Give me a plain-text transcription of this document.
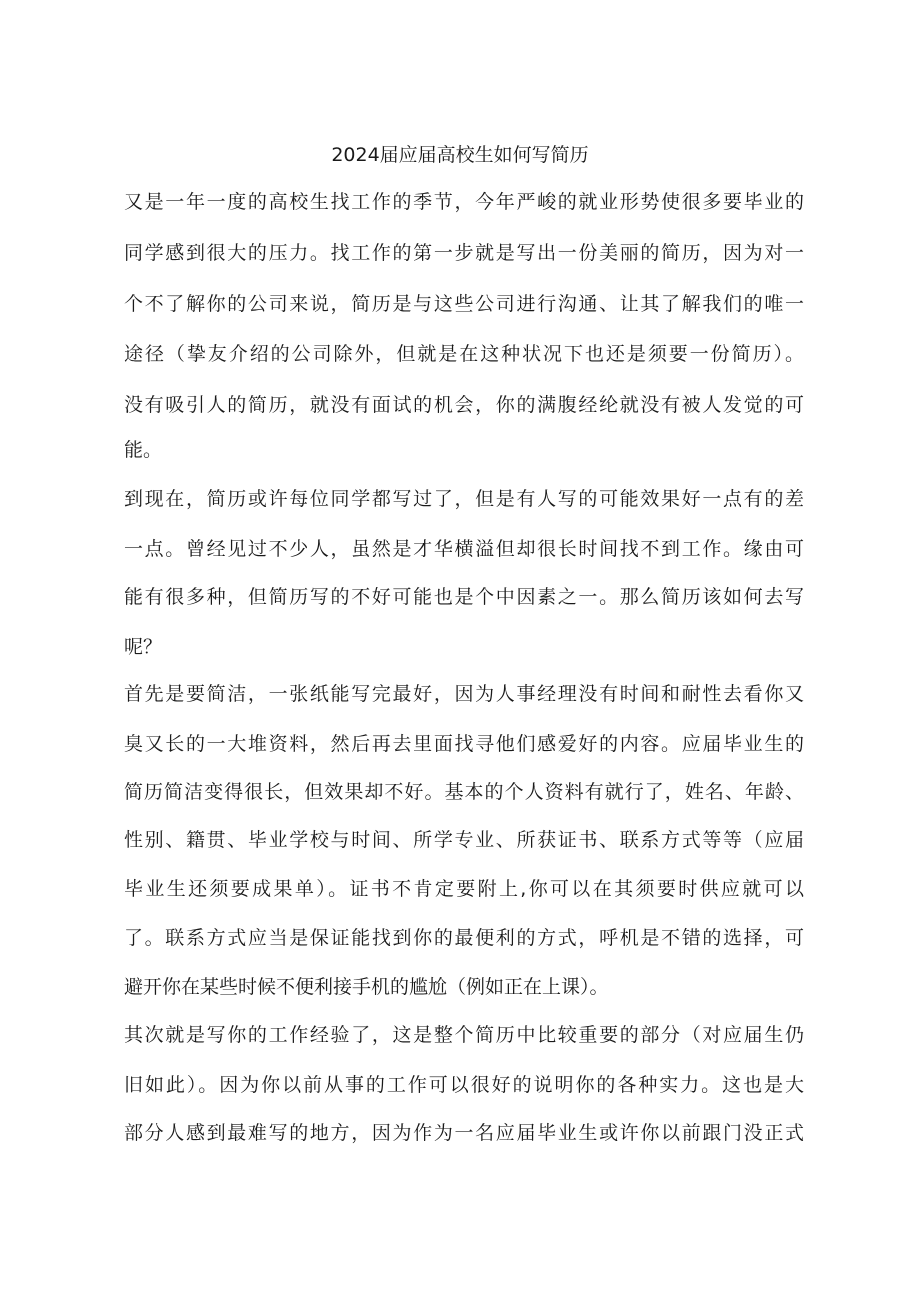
2024届应届高校生如何写简历
又是一年一度的高校生找工作的季节，今年严峻的就业形势使很多要毕业的
同学感到很大的压力。找工作的第一步就是写出一份美丽的简历，因为对一
个不了解你的公司来说，简历是与这些公司进行沟通、让其了解我们的唯一
途径（挚友介绍的公司除外，但就是在这种状况下也还是须要一份简历）。
没有吸引人的简历，就没有面试的机会，你的满腹经纶就没有被人发觉的可
能。
到现在，简历或许每位同学都写过了，但是有人写的可能效果好一点有的差
一点。曾经见过不少人，虽然是才华横溢但却很长时间找不到工作。缘由可
能有很多种，但简历写的不好可能也是个中因素之一。那么简历该如何去写
呢？
首先是要简洁，一张纸能写完最好，因为人事经理没有时间和耐性去看你又
臭又长的一大堆资料，然后再去里面找寻他们感爱好的内容。应届毕业生的
简历简洁变得很长，但效果却不好。基本的个人资料有就行了，姓名、年龄、
性别、籍贯、毕业学校与时间、所学专业、所获证书、联系方式等等（应届
毕业生还须要成果单）。证书不肯定要附上,你可以在其须要时供应就可以
了。联系方式应当是保证能找到你的最便利的方式，呼机是不错的选择，可
避开你在某些时候不便利接手机的尴尬（例如正在上课）。
其次就是写你的工作经验了，这是整个简历中比较重要的部分（对应届生仍
旧如此）。因为你以前从事的工作可以很好的说明你的各种实力。这也是大
部分人感到最难写的地方，因为作为一名应届毕业生或许你以前跟门没正式
